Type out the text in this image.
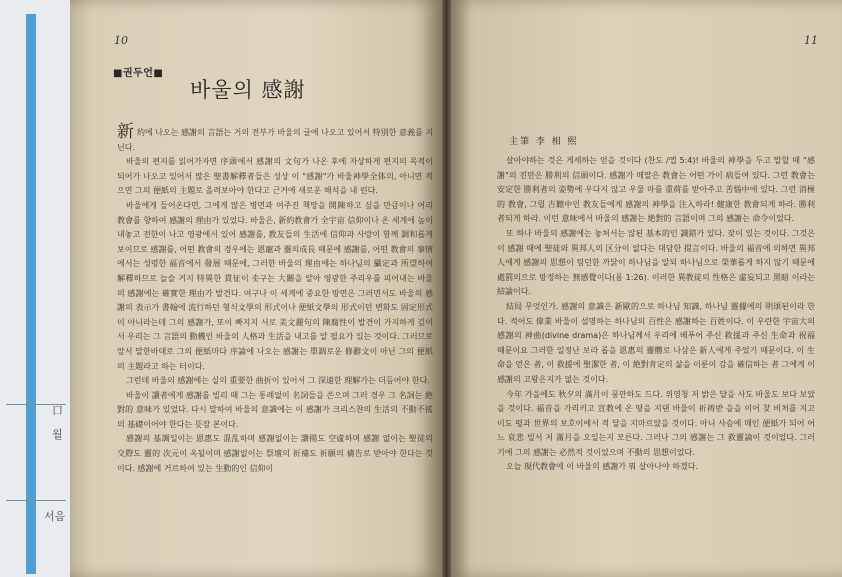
口
월
서음
10	11
■권두언■
바울의 感謝
主筆 李 相 熙

新約에 나오는 感謝의 言語는 거의 전부가 바울의 글에 나오고 있어서 特別한 意義를 지닌다.

바울의 편지를 읽어가자면 序頭에서 感謝의 文句가 나온 후에 자상하게 편지의 목적이 되어가 나오고 있어서 많은 聖書解釋者들은 성상 이 "感謝"가 바울神學全体의, 아니면 적으면 그의 便紙의 主題로 올려보아야 한다고 근거에 새로운 해석을 내 린다.

바울에게 들어온다면, 그에게 많은 병면과 여주진 책망을 開陳하고 싶을 만큼이나 어리 教會를 향하여 感謝의 理由가 있었다. 바울은, 新約教會가 全宇宙 信仰이나 온 세계에 높이 내놓고 전한이 나고 영광에서 있어 感謝를, 教友들의 生活에 信仰과 사랑이 함께 調和롭게 보이므로 感謝를, 어떤 教會의 경우에는 恩寵과 靈의成長 때문에 感謝를, 어떤 教會의 事情에서는 성령한 福音에서 發展 때문에, 그러한 바울의 理由에는 하나님의 攝定과 所望하여 解釋하므로 늘슬 거지 特異한 貫征이 솟구는 大關을 알아 영광한 주리우를 피어내는 바울의 感謝에는 確實한 理由가 발견다. 여구나 이 세계에 중요한 방면은 그러면서도 바울의 感謝의 表示가 書翰에 流行하던 형식文學의 形式이나 便紙文學의 形式이던 변화도 固定形式이 아니라는데 그의 感謝가, 또이 빠지지 서로 美文麗句의 陳腐性이 발견이 가지하게 깊이 서 우리는 그 言語의 動機인 바울의 人格과 生活을 내고를 알 필요가 있는 것이다. 그러므로 앞서 말한바대로 그의 便紙마다 序論에 나오는 感謝는 單調로운 修辭文이 아닌 그의 便紙의 主題라고 하는 터이다.

그런데 바울의 感謝에는 실의 重要한 曲折이 있어서 그 深遠한 理解가는 더듬어야 한다.

바울이 讀者에게 感謝를 빌리 때 그는 통례없이 名詞들을 쓴으며 그러 경우 그 名詞는 絶對的 意味가 있었다. 다시 말하여 바울의 意識에는 이 感謝가 크리스챤의 生活의 不動不搖의 基礎이어야 한다는 뜻잠 본이다.

感謝의 基調일이는 恩惠도 混乱하며 感謝없이는 讚揚도 空虛하며 感謝 없이는 聖徒의 交際도 靈的 次元이 옥될이며 感謝없이는 祭壇의 祈禱도 祈願의 禱告로 받아야 한다는 것이다. 感謝에 거르하여 있는 生動的인 信仰이

살아야하는 것은 게세하는 얻을 것이다 (찬도 /엡 5:4)! 바울의 神學을 두고 말할 때 "感謝"의 진만은 勝利의 信頭이다. 感謝가 메말은 教會는 어떤 가이 病들여 있다. 그런 教會는 安定한 勝利者의 姿勢에 우다지 않고 우물 마를 重荷를 받아주고 苦惱中에 있다. 그런 消極的 教會, 그릴 吉聽中인 教友들에게 感謝의 神學을 注入하라! 健康한 教會되게 하라. 勝利者되게 하라. 이런 意味에서 바울의 感謝는 絶對的 言語이며 그의 感謝는 命令이었다.

또 하나 바울의 感謝에는 놓쳐서는 않된 基本的인 識錯가 있다. 잦이 있는 것이다. 그것은 이 感謝 때에 聖徒와 異邦人의 区分이 없다는 대담한 提言이다. 바울의 福音에 의하면 異邦人에게 感謝의 思想이 팀던한 까닭이 하나님을 알되 하나님으로 榮華롭게 하지 않기 때문에 處罰의으로 방정하는 無感覺이다(롬 1:26). 이러한 異教徒의 性格은 虛妄되고 黑暗 이라는 結論이다.

結局 무엇인가. 感謝의 意識은 新歐的으로 하나님 知識, 하나님 靈據에의 明頌된이라 한다. 적어도 偉業 바울이 설명하는 하나님의 百性은 感謝하는 百姓이다. 이 우란한 宇宙大의 感謝의 神曲(divine drama)은 하나님께서 우리에 베푸어 주신 救援과 주신 生命과 祝福 때문이요 그러한 일정난 보라 롭을 恩惠의 靈體로 나삼은 新人에게 주었기 때문이다. 이 生命을 얻은 者, 이 救援에 聖潔한 者, 이 絶對肯定의 삶을 이룬이 감을 確信하는 者 그에게 이 感謝의 고왕은지가 없는 것이다.

今年 가을에도 秋夕의 滿月이 풍만하도 드다. 위영청 저 밝은 달을 사도 바울도 보다 보았을 것이다. 福音을 가리키고 宣教에 온 땅을 지댄 바울이 祈祷받 을을 이어 찾 비처를 지고 이도 평과 世界의 보호이에서 적 달을 지마르았을 것이다. 아니 사슴에 매인 便紙가 되어 어느 哀悲 빌서 저 滿月을 오일는지 모른다. 그러나 그의 感謝는 그 救靈論이 것이었다. 그러기에 그의 感謝는 必然적 것이었으며 不動의 思想이었다.

오늘 現代教會에 이 바울의 感謝가 뭐 살아나야 하겠다.
